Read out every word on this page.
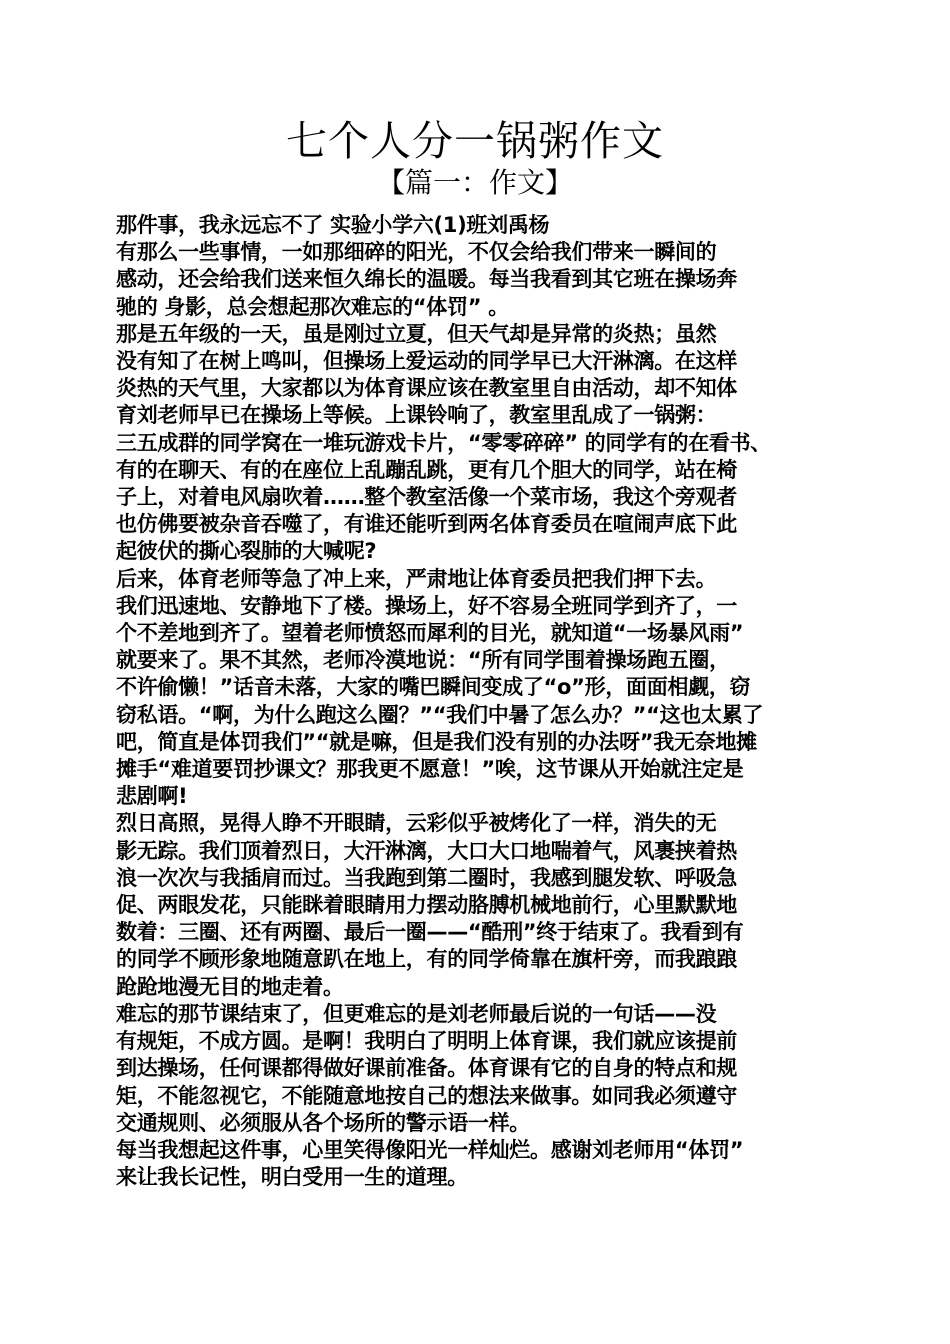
七个人分一锅粥作文
【篇一：作文】

那件事，我永远忘不了 实验小学六(1)班刘禹杨

有那么一些事情，一如那细碎的阳光，不仅会给我们带来一瞬间的

感动，还会给我们送来恒久绵长的温暖。每当我看到其它班在操场奔

驰的 身影，总会想起那次难忘的“体罚” 。

那是五年级的一天，虽是刚过立夏，但天气却是异常的炎热；虽然

没有知了在树上鸣叫，但操场上爱运动的同学早已大汗淋漓。在这样

炎热的天气里，大家都以为体育课应该在教室里自由活动，却不知体

育刘老师早已在操场上等候。上课铃响了，教室里乱成了一锅粥：

三五成群的同学窝在一堆玩游戏卡片，“零零碎碎” 的同学有的在看书、

有的在聊天、有的在座位上乱蹦乱跳，更有几个胆大的同学，站在椅

子上，对着电风扇吹着……整个教室活像一个菜市场，我这个旁观者

也仿佛要被杂音吞噬了，有谁还能听到两名体育委员在喧闹声底下此

起彼伏的撕心裂肺的大喊呢?

后来，体育老师等急了冲上来，严肃地让体育委员把我们押下去。

我们迅速地、安静地下了楼。操场上，好不容易全班同学到齐了，一

个不差地到齐了。望着老师愤怒而犀利的目光，就知道“一场暴风雨”

就要来了。果不其然，老师冷漠地说：“所有同学围着操场跑五圈，

不许偷懒！”话音未落，大家的嘴巴瞬间变成了“o”形，面面相觑，窃

窃私语。“啊，为什么跑这么圈？”“我们中暑了怎么办？”“这也太累了

吧，简直是体罚我们”“就是嘛，但是我们没有别的办法呀”我无奈地摊

摊手“难道要罚抄课文？那我更不愿意！”唉，这节课从开始就注定是

悲剧啊!

烈日高照，晃得人睁不开眼睛，云彩似乎被烤化了一样，消失的无

影无踪。我们顶着烈日，大汗淋漓，大口大口地喘着气，风裹挟着热

浪一次次与我插肩而过。当我跑到第二圈时，我感到腿发软、呼吸急

促、两眼发花，只能眯着眼睛用力摆动胳膊机械地前行，心里默默地

数着：三圈、还有两圈、最后一圈——“酷刑”终于结束了。我看到有

的同学不顾形象地随意趴在地上，有的同学倚靠在旗杆旁，而我踉踉

跄跄地漫无目的地走着。

难忘的那节课结束了，但更难忘的是刘老师最后说的一句话——没

有规矩，不成方圆。是啊！我明白了明明上体育课，我们就应该提前

到达操场，任何课都得做好课前准备。体育课有它的自身的特点和规

矩，不能忽视它，不能随意地按自己的想法来做事。如同我必须遵守

交通规则、必须服从各个场所的警示语一样。

每当我想起这件事，心里笑得像阳光一样灿烂。感谢刘老师用“体罚”

来让我长记性，明白受用一生的道理。
